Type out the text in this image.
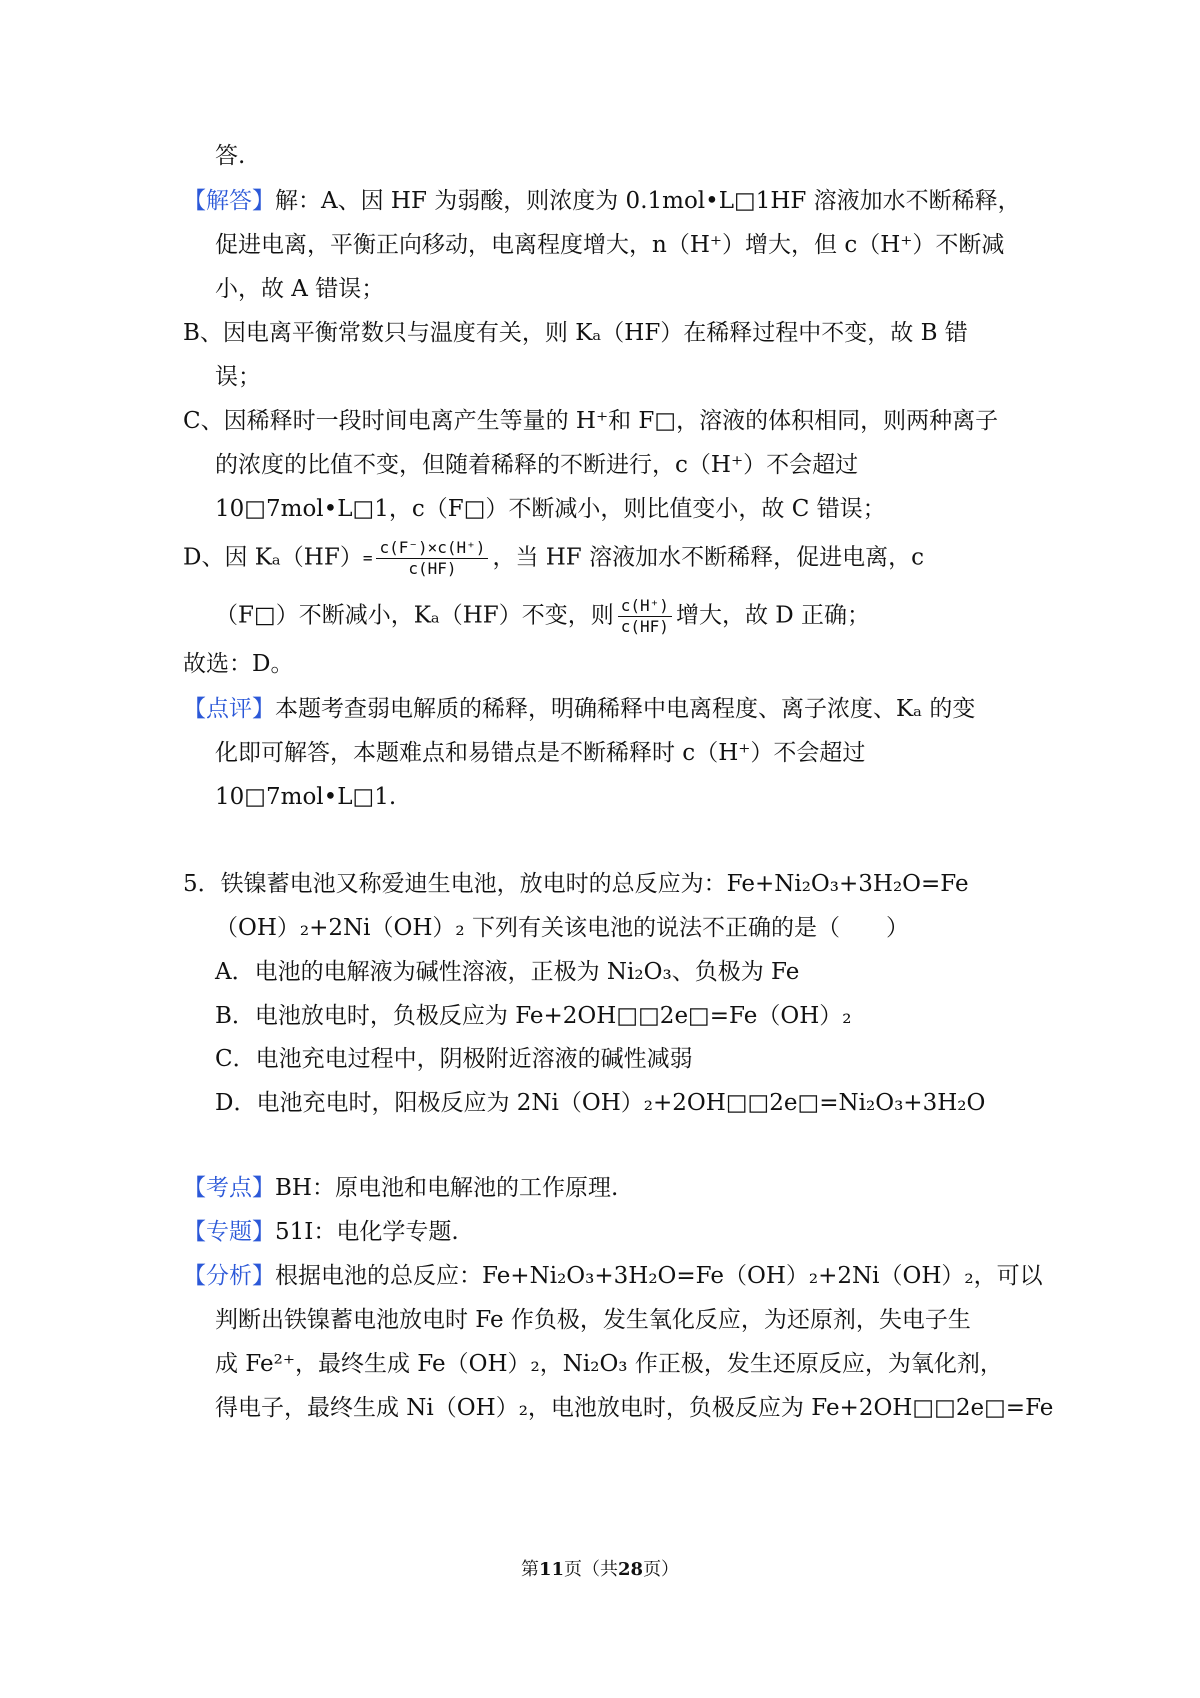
答.
【解答】解：A、因 HF 为弱酸，则浓度为 0.1mol•L□1HF 溶液加水不断稀释，
促进电离，平衡正向移动，电离程度增大，n（H⁺）增大，但 c（H⁺）不断减
小，故 A 错误；
B、因电离平衡常数只与温度有关，则 Kₐ（HF）在稀释过程中不变，故 B 错
误；
C、因稀释时一段时间电离产生等量的 H⁺和 F□，溶液的体积相同，则两种离子
的浓度的比值不变，但随着稀释的不断进行，c（H⁺）不会超过
10□7mol•L□1，c（F□）不断减小，则比值变小，故 C 错误；
D、因 $K_a(HF)= \frac{c(F^-)\times c(H^+)}{c(HF)}$ ，当 HF 溶液加水不断稀释，促进电离，c
（F□）不断减小，Kₐ（HF）不变，则 $\frac{c(H^+)}{c(HF)}$ 增大，故 D 正确；
故选：D。
【点评】本题考查弱电解质的稀释，明确稀释中电离程度、离子浓度、Kₐ 的变
化即可解答，本题难点和易错点是不断稀释时 c（H⁺）不会超过
10□7mol•L□1.
5．铁镍蓄电池又称爱迪生电池，放电时的总反应为：Fe+Ni₂O₃+3H₂O=Fe
（OH）₂+2Ni（OH）₂ 下列有关该电池的说法不正确的是（　　）
A．电池的电解液为碱性溶液，正极为 Ni₂O₃、负极为 Fe
B．电池放电时，负极反应为 Fe+2OH□□2e□=Fe（OH）₂
C．电池充电过程中，阴极附近溶液的碱性减弱
D．电池充电时，阳极反应为 2Ni（OH）₂+2OH□□2e□=Ni₂O₃+3H₂O
【考点】BH：原电池和电解池的工作原理.
【专题】51I：电化学专题.
【分析】根据电池的总反应：Fe+Ni₂O₃+3H₂O=Fe（OH）₂+2Ni（OH）₂，可以
判断出铁镍蓄电池放电时 Fe 作负极，发生氧化反应，为还原剂，失电子生
成 Fe²⁺，最终生成 Fe（OH）₂，Ni₂O₃ 作正极，发生还原反应，为氧化剂，
得电子，最终生成 Ni（OH）₂，电池放电时，负极反应为 Fe+2OH□□2e□=Fe
第11页（共28页）
